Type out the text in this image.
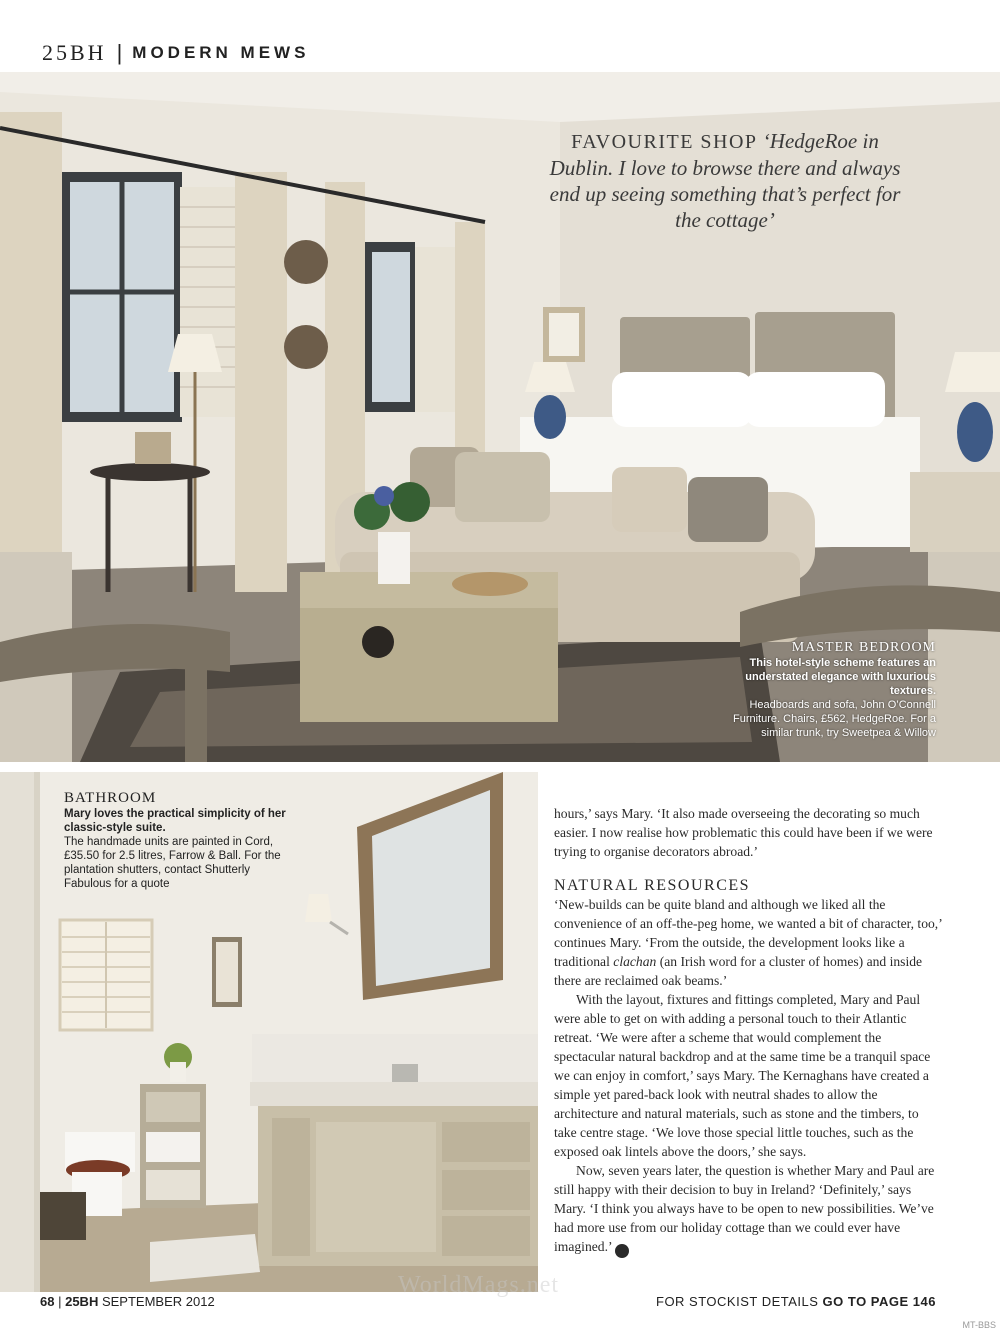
25BH | MODERN MEWS
FAVOURITE SHOP ‘HedgeRoe in Dublin. I love to browse there and always end up seeing something that’s perfect for the cottage’
MASTER BEDROOM
This hotel-style scheme features an understated elegance with luxurious textures.
Headboards and sofa, John O’Connell Furniture. Chairs, £562, HedgeRoe. For a similar trunk, try Sweetpea & Willow
BATHROOM
Mary loves the practical simplicity of her classic-style suite.
The handmade units are painted in Cord, £35.50 for 2.5 litres, Farrow & Ball. For the plantation shutters, contact Shutterly Fabulous for a quote

hours,’ says Mary. ‘It also made overseeing the decorating so much easier. I now realise how problematic this could have been if we were trying to organise decorators abroad.’

NATURAL RESOURCES

‘New-builds can be quite bland and although we liked all the convenience of an off-the-peg home, we wanted a bit of character, too,’ continues Mary. ‘From the outside, the development looks like a traditional clachan (an Irish word for a cluster of homes) and inside there are reclaimed oak beams.’

With the layout, fixtures and fittings completed, Mary and Paul were able to get on with adding a personal touch to their Atlantic retreat. ‘We were after a scheme that would complement the spectacular natural backdrop and at the same time be a tranquil space we can enjoy in comfort,’ says Mary. The Kernaghans have created a simple yet pared-back look with neutral shades to allow the architecture and natural materials, such as stone and the timbers, to take centre stage. ‘We love those special little touches, such as the exposed oak lintels above the doors,’ she says.

Now, seven years later, the question is whether Mary and Paul are still happy with their decision to buy in Ireland? ‘Definitely,’ says Mary. ‘I think you always have to be open to new possibilities. We’ve had more use from our holiday cottage than we could ever have imagined.’	25

WorldMags.net
68 | 25BH SEPTEMBER 2012	FOR STOCKIST DETAILS GO TO PAGE 146
MT-BBS
